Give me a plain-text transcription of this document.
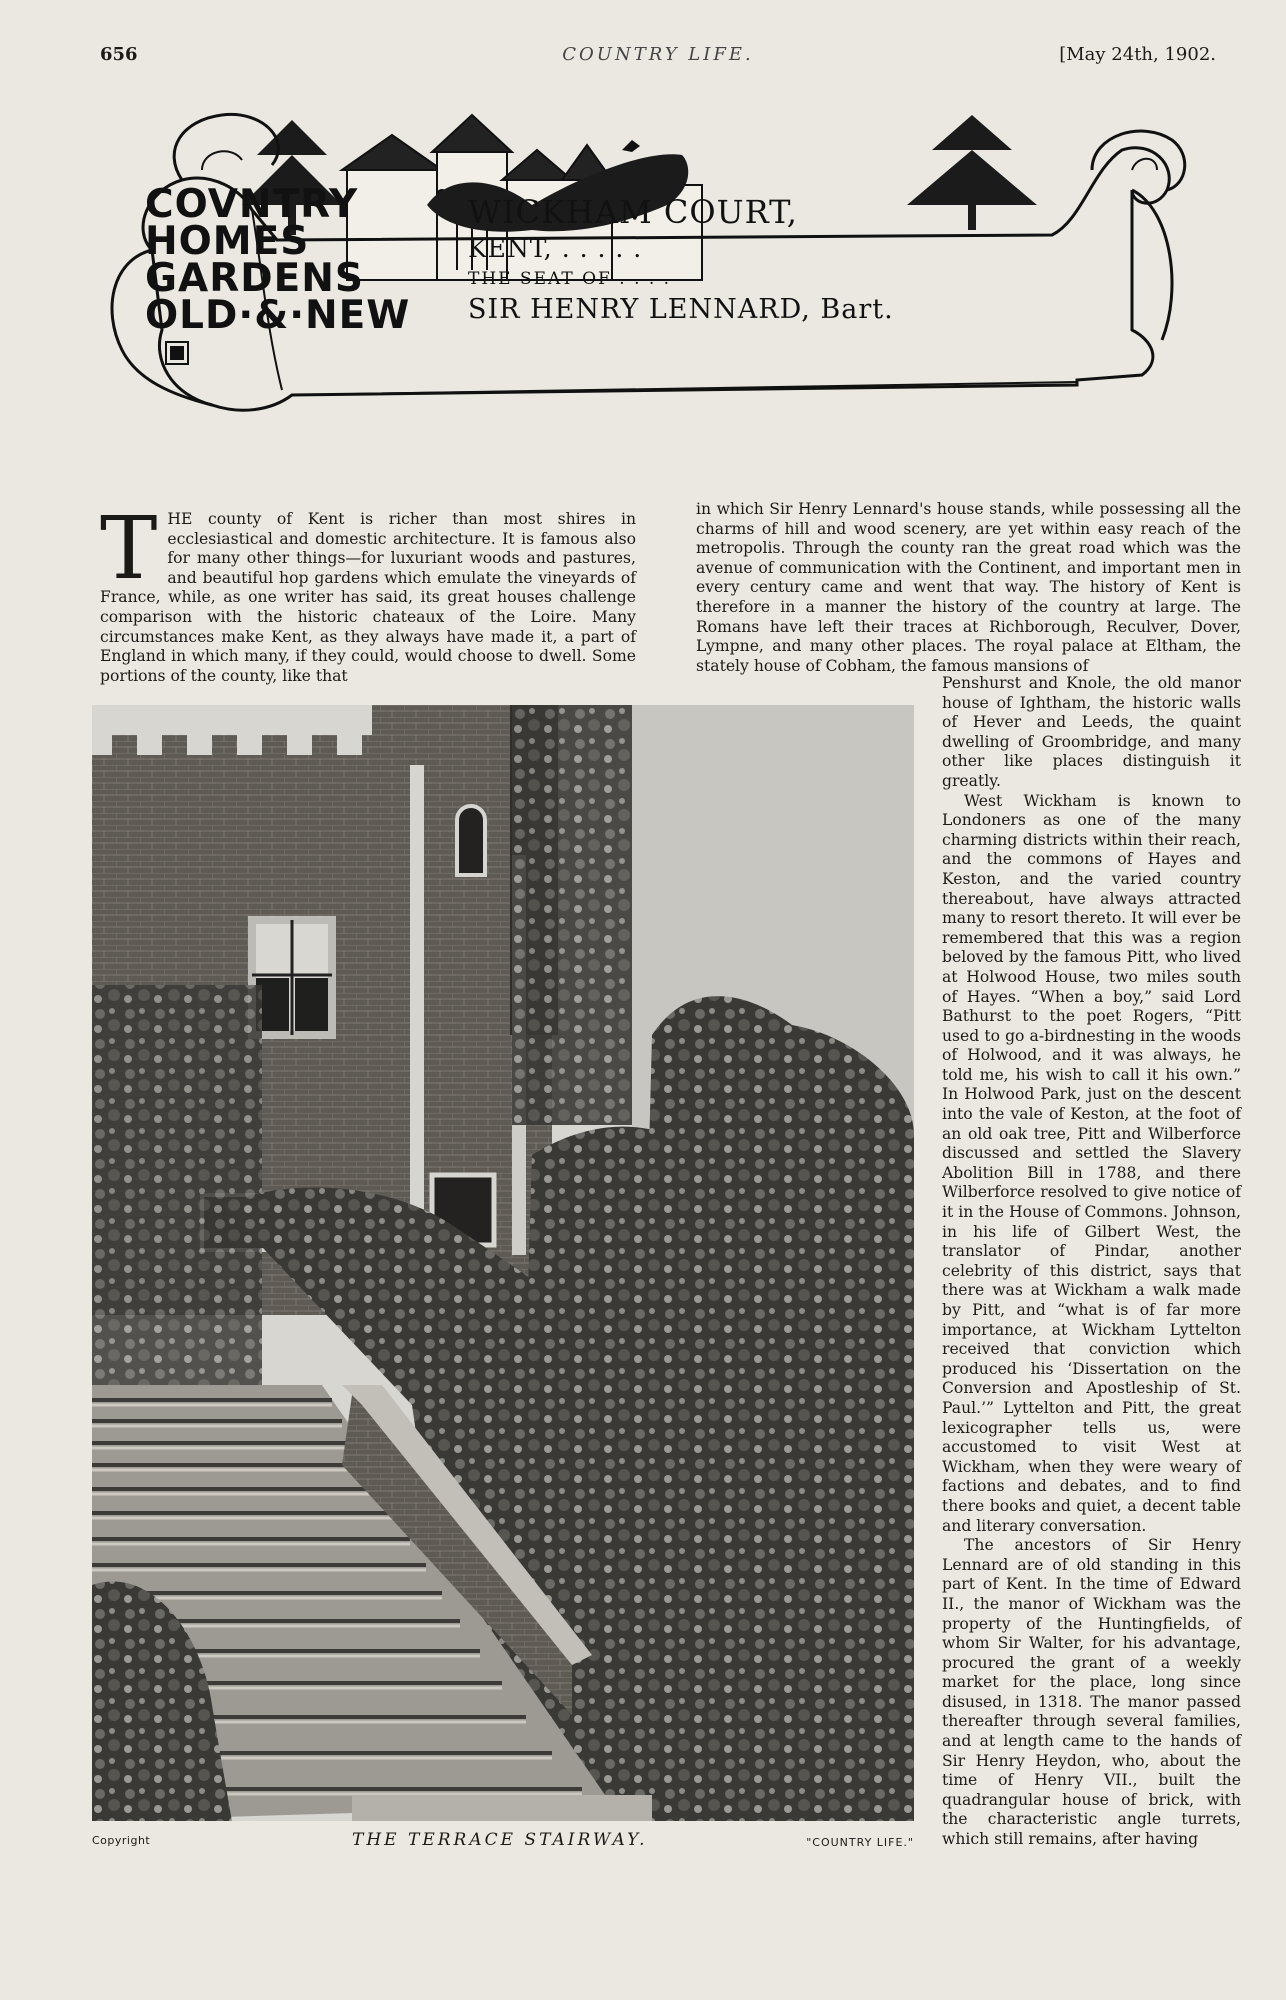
656	COUNTRY LIFE.	[May 24th, 1902.
COVNTRY
HOMES
GARDENS
OLD·&·NEW
WICKHAM COURT,
KENT, . . . . .
THE SEAT OF . . . .
SIR HENRY LENNARD, Bart.
T HE county of Kent is richer than most shires in ecclesiastical and domestic architecture. It is famous also for many other things—for luxuriant woods and pastures, and beautiful hop gardens which emulate the vineyards of France, while, as one writer has said, its great houses challenge comparison with the historic chateaux of the Loire. Many circumstances make Kent, as they always have made it, a part of England in which many, if they could, would choose to dwell. Some portions of the county, like that

in which Sir Henry Lennard's house stands, while possessing all the charms of hill and wood scenery, are yet within easy reach of the metropolis. Through the county ran the great road which was the avenue of communication with the Continent, and important men in every century came and went that way. The history of Kent is therefore in a manner the history of the country at large. The Romans have left their traces at Richborough, Reculver, Dover, Lympne, and many other places. The royal palace at Eltham, the stately house of Cobham, the famous mansions of

Penshurst and Knole, the old manor house of Ightham, the historic walls of Hever and Leeds, the quaint dwelling of Groombridge, and many other like places distinguish it greatly.

West Wickham is known to Londoners as one of the many charming districts within their reach, and the commons of Hayes and Keston, and the varied country thereabout, have always attracted many to resort thereto. It will ever be remembered that this was a region beloved by the famous Pitt, who lived at Holwood House, two miles south of Hayes. “When a boy,” said Lord Bathurst to the poet Rogers, “Pitt used to go a-birdnesting in the woods of Holwood, and it was always, he told me, his wish to call it his own.” In Holwood Park, just on the descent into the vale of Keston, at the foot of an old oak tree, Pitt and Wilberforce discussed and settled the Slavery Abolition Bill in 1788, and there Wilberforce resolved to give notice of it in the House of Commons. Johnson, in his life of Gilbert West, the translator of Pindar, another celebrity of this district, says that there was at Wickham a walk made by Pitt, and “what is of far more importance, at Wickham Lyttelton received that conviction which produced his ‘Dissertation on the Conversion and Apostleship of St. Paul.’” Lyttelton and Pitt, the great lexicographer tells us, were accustomed to visit West at Wickham, when they were weary of factions and debates, and to find there books and quiet, a decent table and literary conversation.

The ancestors of Sir Henry Lennard are of old standing in this part of Kent. In the time of Edward II., the manor of Wickham was the property of the Huntingfields, of whom Sir Walter, for his advantage, procured the grant of a weekly market for the place, long since disused, in 1318. The manor passed thereafter through several families, and at length came to the hands of Sir Henry Heydon, who, about the time of Henry VII., built the quadrangular house of brick, with the characteristic angle turrets, which still remains, after having

Copyright	THE TERRACE STAIRWAY.	"COUNTRY LIFE."
